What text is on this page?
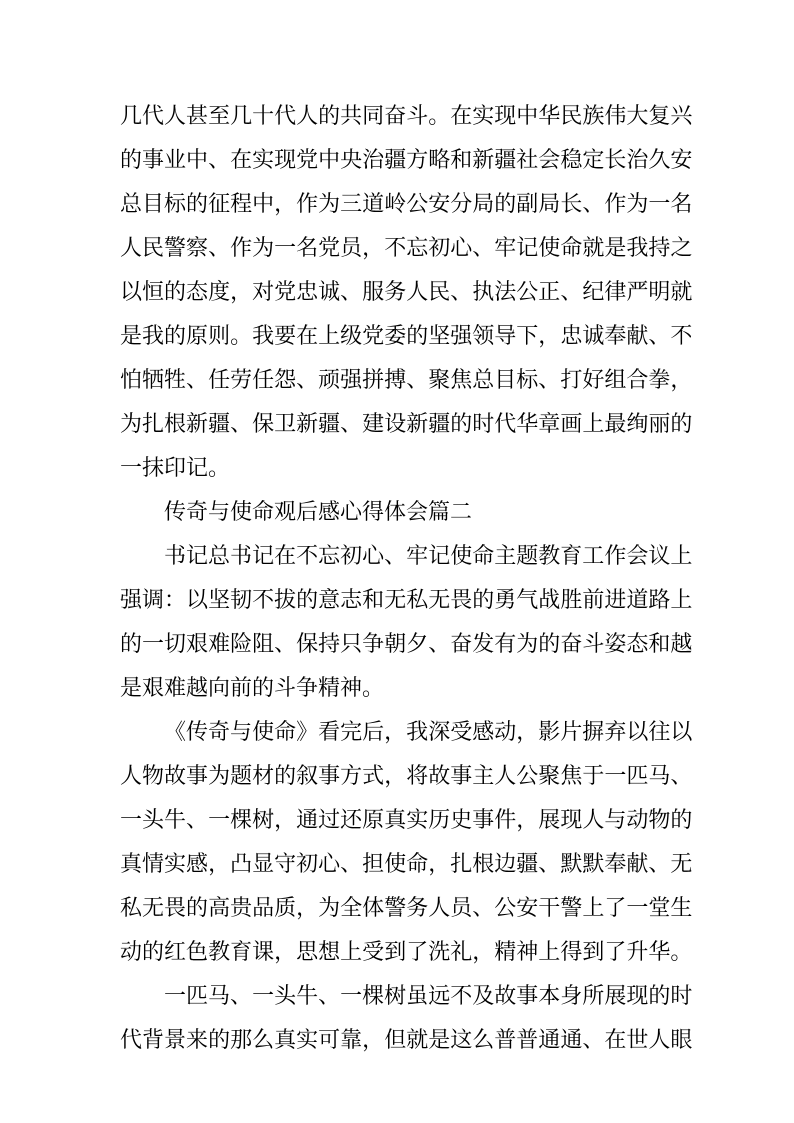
几 代 人 甚 至 几 十 代 人 的 共 同 奋 斗 。 在 实 现 中 华 民 族 伟 大 复 兴
的 事 业 中 、 在 实 现 党 中 央 治 疆 方 略 和 新 疆 社 会 稳 定 长 治 久 安
总 目 标 的 征 程 中 ， 作 为 三 道 岭 公 安 分 局 的 副 局 长 、 作 为 一 名
人 民 警 察 、 作 为 一 名 党 员 ， 不 忘 初 心 、 牢 记 使 命 就 是 我 持 之
以 恒 的 态 度 ， 对 党 忠 诚 、 服 务 人 民 、 执 法 公 正 、 纪 律 严 明 就
是 我 的 原 则 。 我 要 在 上 级 党 委 的 坚 强 领 导 下 ， 忠 诚 奉 献 、 不
怕 牺 牲 、 任 劳 任 怨 、 顽 强 拼 搏 、 聚 焦 总 目 标 、 打 好 组 合 拳 ，
为 扎 根 新 疆 、 保 卫 新 疆 、 建 设 新 疆 的 时 代 华 章 画 上 最 绚 丽 的
一抹印记。
传奇与使命观后感心得体会篇二
书 记 总 书 记 在 不 忘 初 心 、 牢 记 使 命 主 题 教 育 工 作 会 议 上
强 调 ： 以 坚 韧 不 拔 的 意 志 和 无 私 无 畏 的 勇 气 战 胜 前 进 道 路 上
的 一 切 艰 难 险 阻 、 保 持 只 争 朝 夕 、 奋 发 有 为 的 奋 斗 姿 态 和 越
是艰难越向前的斗争精神。
《 传 奇 与 使 命 》 看 完 后 ， 我 深 受 感 动 ， 影 片 摒 弃 以 往 以
人 物 故 事 为 题 材 的 叙 事 方 式 ， 将 故 事 主 人 公 聚 焦 于 一 匹 马 、
一 头 牛 、 一 棵 树 ， 通 过 还 原 真 实 历 史 事 件 ， 展 现 人 与 动 物 的
真 情 实 感 ， 凸 显 守 初 心 、 担 使 命 ， 扎 根 边 疆 、 默 默 奉 献 、 无
私 无 畏 的 高 贵 品 质 ， 为 全 体 警 务 人 员 、 公 安 干 警 上 了 一 堂 生
动 的 红 色 教 育 课 ， 思 想 上 受 到 了 洗 礼 ， 精 神 上 得 到 了 升 华 。
一 匹 马 、 一 头 牛 、 一 棵 树 虽 远 不 及 故 事 本 身 所 展 现 的 时
代 背 景 来 的 那 么 真 实 可 靠 ， 但 就 是 这 么 普 普 通 通 、 在 世 人 眼
